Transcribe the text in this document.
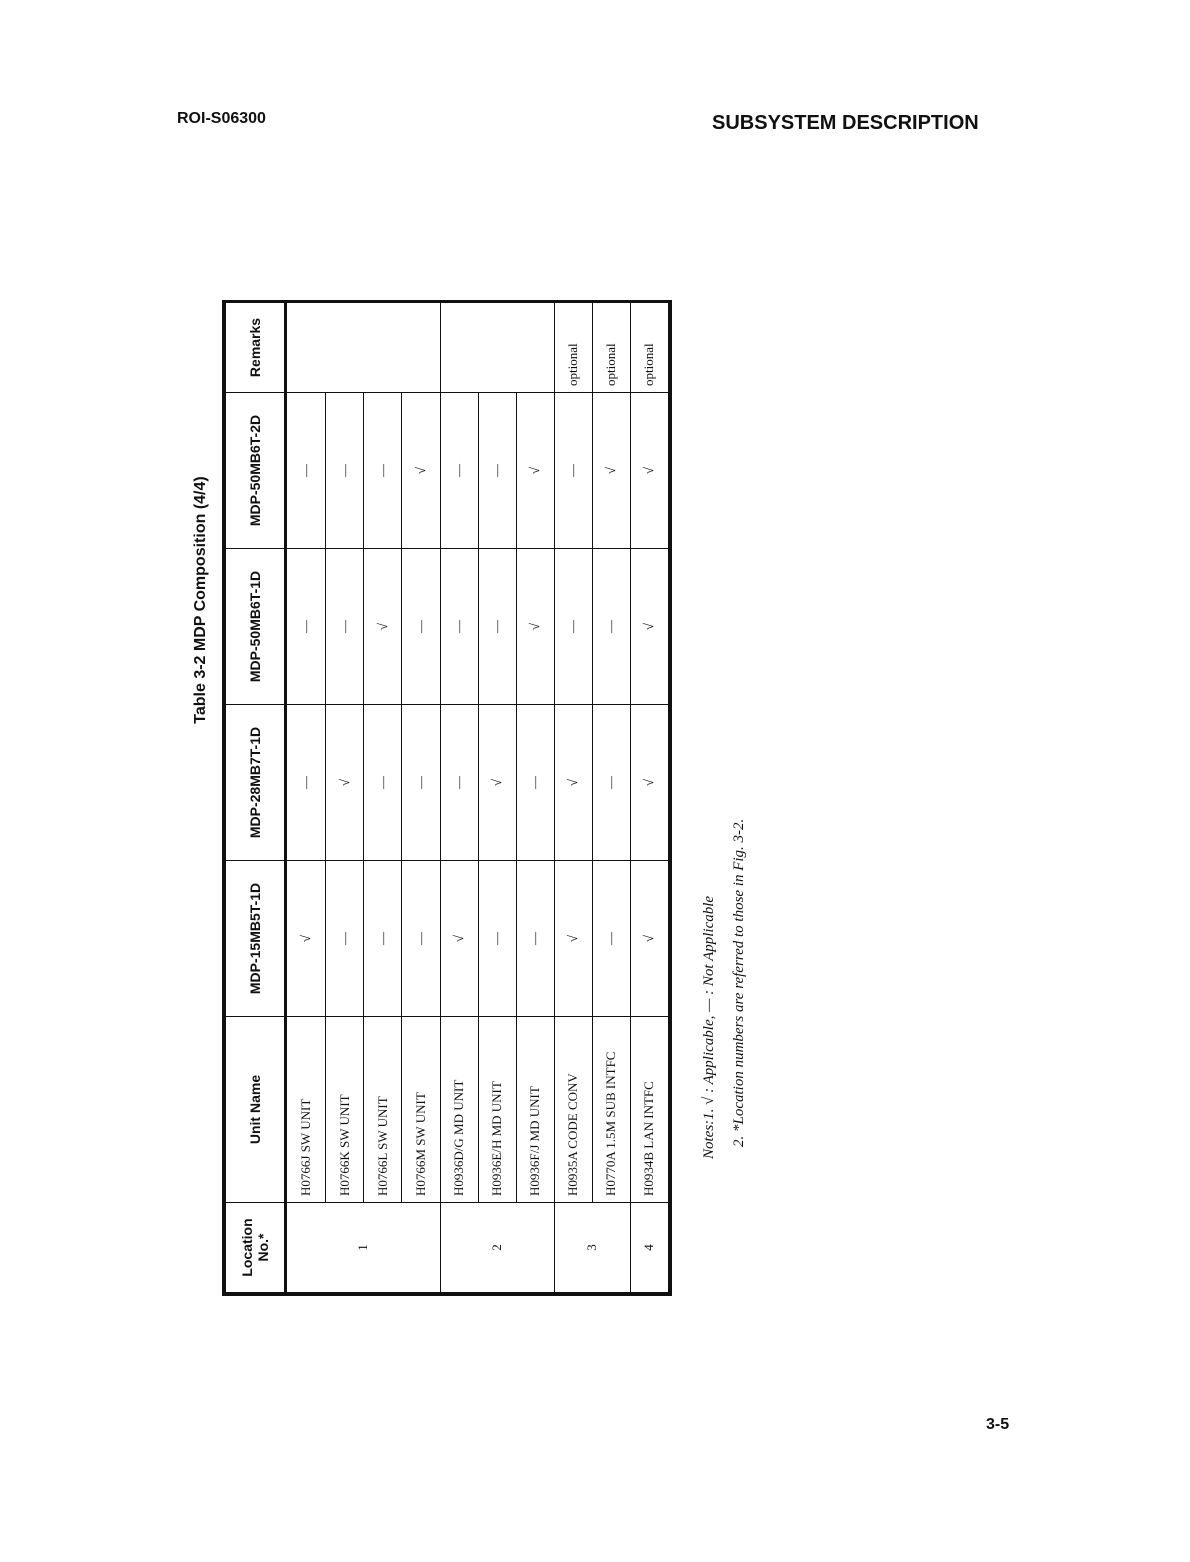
ROI-S06300	SUBSYSTEM DESCRIPTION
Table 3-2 MDP Composition (4/4)
Location No.*	Unit Name	MDP-15MB5T-1D	MDP-28MB7T-1D	MDP-50MB6T-1D	MDP-50MB6T-2D	Remarks
1	H0766J SW UNIT	√	—	—	—	
	H0766K SW UNIT	—	√	—	—	
	H0766L SW UNIT	—	—	√	—	
	H0766M SW UNIT	—	—	—	√	
2	H0936D/G MD UNIT	√	—	—	—	
	H0936E/H MD UNIT	—	√	—	—	
	H0936F/J MD UNIT	—	—	√	√	
3	H0935A CODE CONV	√	√	—	—	optional
	H0770A 1.5M SUB INTFC	—	—	—	√	optional
4	H0934B LAN INTFC	√	√	√	√	optional
Notes:1. √ : Applicable, — : Not Applicable 2. *Location numbers are referred to those in Fig. 3-2.
3-5
